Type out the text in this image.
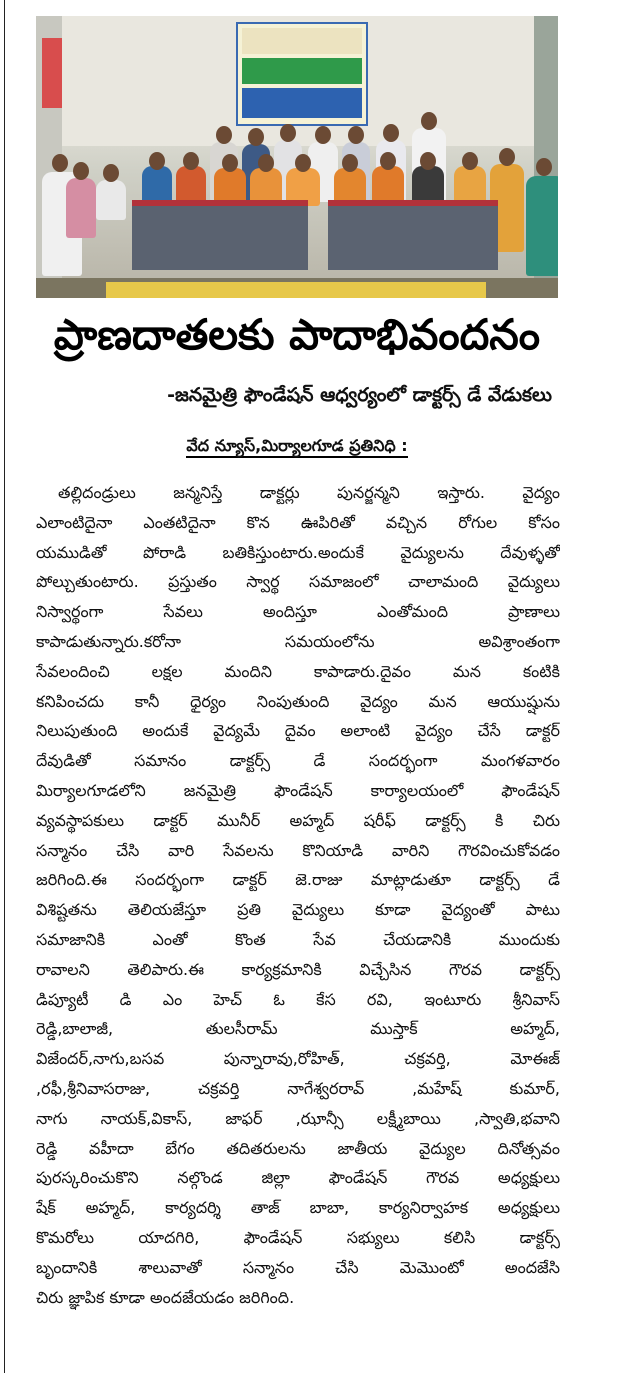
ప్రాణదాతలకు పాదాభివందనం
-జనమైత్రి ఫౌండేషన్ ఆధ్వర్యంలో డాక్టర్స్ డే వేడుకలు
వేద న్యూస్,మిర్యాలగూడ ప్రతినిధి :
తల్లిదండ్రులు జన్మనిస్తే డాక్టర్లు పునర్జన్మని ఇస్తారు. వైద్యం
ఎలాంటిదైనా ఎంతటిదైనా కొన ఊపిరితో వచ్చిన రోగుల కోసం
యముడితో పోరాడి బతికిస్తుంటారు.అందుకే వైద్యులను దేవుళ్ళతో
పోల్చుతుంటారు. ప్రస్తుతం స్వార్థ సమాజంలో చాలామంది వైద్యులు
నిస్వార్థంగా సేవలు అందిస్తూ ఎంతోమంది ప్రాణాలు
కాపాడుతున్నారు.కరోనా సమయంలోను అవిశ్రాంతంగా
సేవలందించి లక్షల మందిని కాపాడారు.దైవం మన కంటికి
కనిపించదు కానీ ధైర్యం నింపుతుంది వైద్యం మన ఆయుష్షును
నిలుపుతుంది అందుకే వైద్యమే దైవం అలాంటి వైద్యం చేసే డాక్టర్
దేవుడితో సమానం డాక్టర్స్ డే సందర్భంగా మంగళవారం
మిర్యాలగూడలోని జనమైత్రి ఫౌండేషన్ కార్యాలయంలో ఫౌండేషన్
వ్యవస్థాపకులు డాక్టర్ మునీర్ అహ్మద్ షరీఫ్ డాక్టర్స్ కి చిరు
సన్మానం చేసి వారి సేవలను కొనియాడి వారిని గౌరవించుకోవడం
జరిగింది.ఈ సందర్భంగా డాక్టర్ జె.రాజు మాట్లాడుతూ డాక్టర్స్ డే
విశిష్టతను తెలియజేస్తూ ప్రతి వైద్యులు కూడా వైద్యంతో పాటు
సమాజానికి ఎంతో కొంత సేవ చేయడానికి ముందుకు
రావాలని తెలిపారు.ఈ కార్యక్రమానికి విచ్చేసిన గౌరవ డాక్టర్స్
డిప్యూటీ డి ఎం హెచ్ ఓ కేస రవి, ఇంటూరు శ్రీనివాస్
రెడ్డి,బాలాజీ, తులసీరామ్ ముస్తాక్ అహ్మద్,
విజేందర్,నాగు,బసవ పున్నారావు,రోహిత్, చక్రవర్తి, మోఈజ్
,రఫీ,శ్రీనివాసరాజు, చక్రవర్తి నాగేశ్వరరావ్ ,మహేష్ కుమార్,
నాగు నాయక్,వికాస్, జాఫర్ ,ఝాన్సీ లక్ష్మీబాయి ,స్వాతి,భవాని
రెడ్డి వహీదా బేగం తదితరులను జాతీయ వైద్యుల దినోత్సవం
పురస్కరించుకొని నల్గొండ జిల్లా ఫౌండేషన్ గౌరవ అధ్యక్షులు
షేక్ అహ్మద్, కార్యదర్శి తాజ్ బాబా, కార్యనిర్వాహక అధ్యక్షులు
కొమరోలు యాదగిరి, ఫౌండేషన్ సభ్యులు కలిసి డాక్టర్స్
బృందానికి శాలువాతో సన్మానం చేసి మెమొంటో అందజేసి
చిరు జ్ఞాపిక కూడా అందజేయడం జరిగింది.
